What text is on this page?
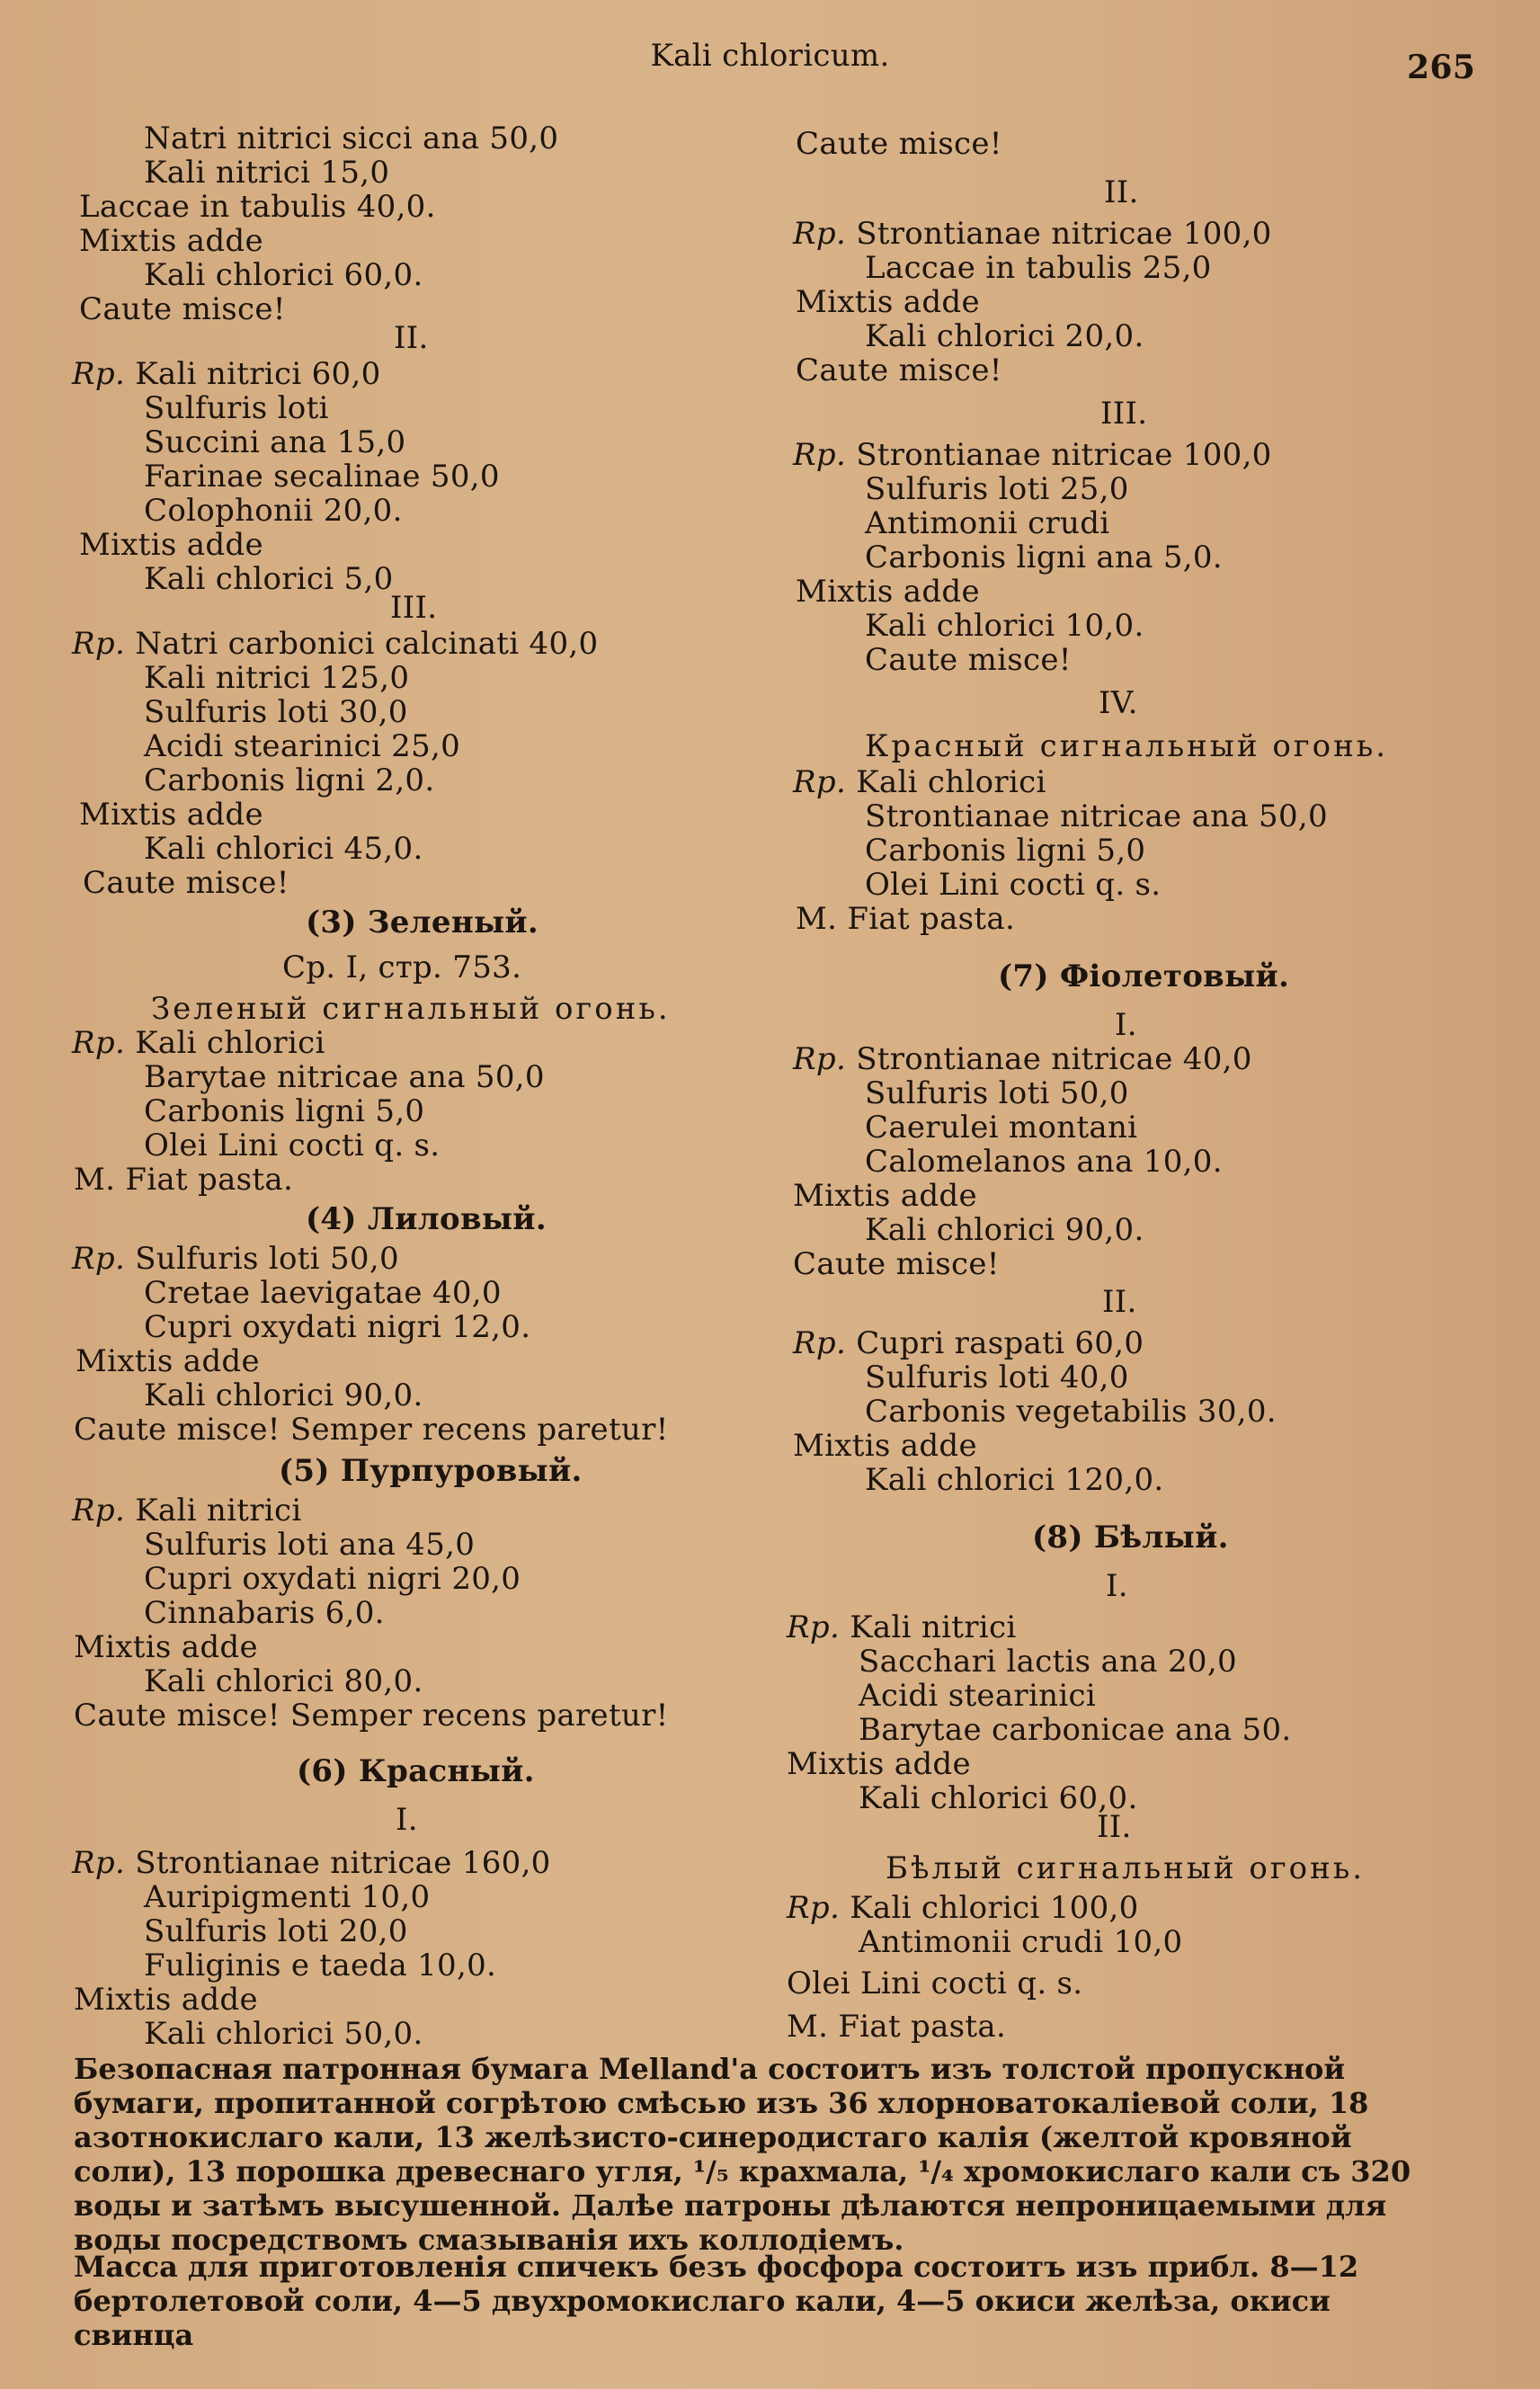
Kali chloricum.	265
Natri nitrici sicci ana 50,0
Kali nitrici 15,0
Laccae in tabulis 40,0.
Mixtis adde
Kali chlorici 60,0.
Caute misce!
II.
Rp. Kali nitrici 60,0
Sulfuris loti
Succini ana 15,0
Farinae secalinae 50,0
Colophonii 20,0.
Mixtis adde
Kali chlorici 5,0
III.
Rp. Natri carbonici calcinati 40,0
Kali nitrici 125,0
Sulfuris loti 30,0
Acidi stearinici 25,0
Carbonis ligni 2,0.
Mixtis adde
Kali chlorici 45,0.
Caute misce!
(3) Зеленый.
Ср. I, стр. 753.
Зеленый сигнальный огонь.
Rp. Kali chlorici
Barytae nitricae ana 50,0
Carbonis ligni 5,0
Olei Lini cocti q. s.
M. Fiat pasta.
(4) Лиловый.
Rp. Sulfuris loti 50,0
Cretae laevigatae 40,0
Cupri oxydati nigri 12,0.
Mixtis adde
Kali chlorici 90,0.
Caute misce! Semper recens paretur!
(5) Пурпуровый.
Rp. Kali nitrici
Sulfuris loti ana 45,0
Cupri oxydati nigri 20,0
Cinnabaris 6,0.
Mixtis adde
Kali chlorici 80,0.
Caute misce! Semper recens paretur!
(6) Красный.
I.
Rp. Strontianae nitricae 160,0
Auripigmenti 10,0
Sulfuris loti 20,0
Fuliginis e taeda 10,0.
Mixtis adde
Kali chlorici 50,0.
Caute misce!
II.
Rp. Strontianae nitricae 100,0
Laccae in tabulis 25,0
Mixtis adde
Kali chlorici 20,0.
Caute misce!
III.
Rp. Strontianae nitricae 100,0
Sulfuris loti 25,0
Antimonii crudi
Carbonis ligni ana 5,0.
Mixtis adde
Kali chlorici 10,0.
Caute misce!
IV.
Красный сигнальный огонь.
Rp. Kali chlorici
Strontianae nitricae ana 50,0
Carbonis ligni 5,0
Olei Lini cocti q. s.
M. Fiat pasta.
(7) Фіолетовый.
I.
Rp. Strontianae nitricae 40,0
Sulfuris loti 50,0
Caerulei montani
Calomelanos ana 10,0.
Mixtis adde
Kali chlorici 90,0.
Caute misce!
II.
Rp. Cupri raspati 60,0
Sulfuris loti 40,0
Carbonis vegetabilis 30,0.
Mixtis adde
Kali chlorici 120,0.
(8) Бѣлый.
I.
Rp. Kali nitrici
Sacchari lactis ana 20,0
Acidi stearinici
Barytae carbonicae ana 50.
Mixtis adde
Kali chlorici 60,0.
II.
Бѣлый сигнальный огонь.
Rp. Kali chlorici 100,0
Antimonii crudi 10,0
Olei Lini cocti q. s.
M. Fiat pasta.
Безопасная патронная бумага Mellаnd'а состоитъ изъ толстой пропускной бумаги, пропитанной согрѣтою смѣсью изъ 36 хлорноватокаліевой соли, 18 азотнокислаго кали, 13 желѣзисто-синеродистаго калія (желтой кровяной соли), 13 порошка древеснаго угля, ¹/₅ крахмала, ¹/₄ хромокислаго кали съ 320 воды и затѣмъ высушенной. Далѣе патроны дѣлаются непроницаемыми для воды посредствомъ смазыванія ихъ коллодіемъ.
Масса для приготовленія спичекъ безъ фосфора состоитъ изъ прибл. 8—12 бертолетовой соли, 4—5 двухромокислаго кали, 4—5 окиси желѣза, окиси свинца
